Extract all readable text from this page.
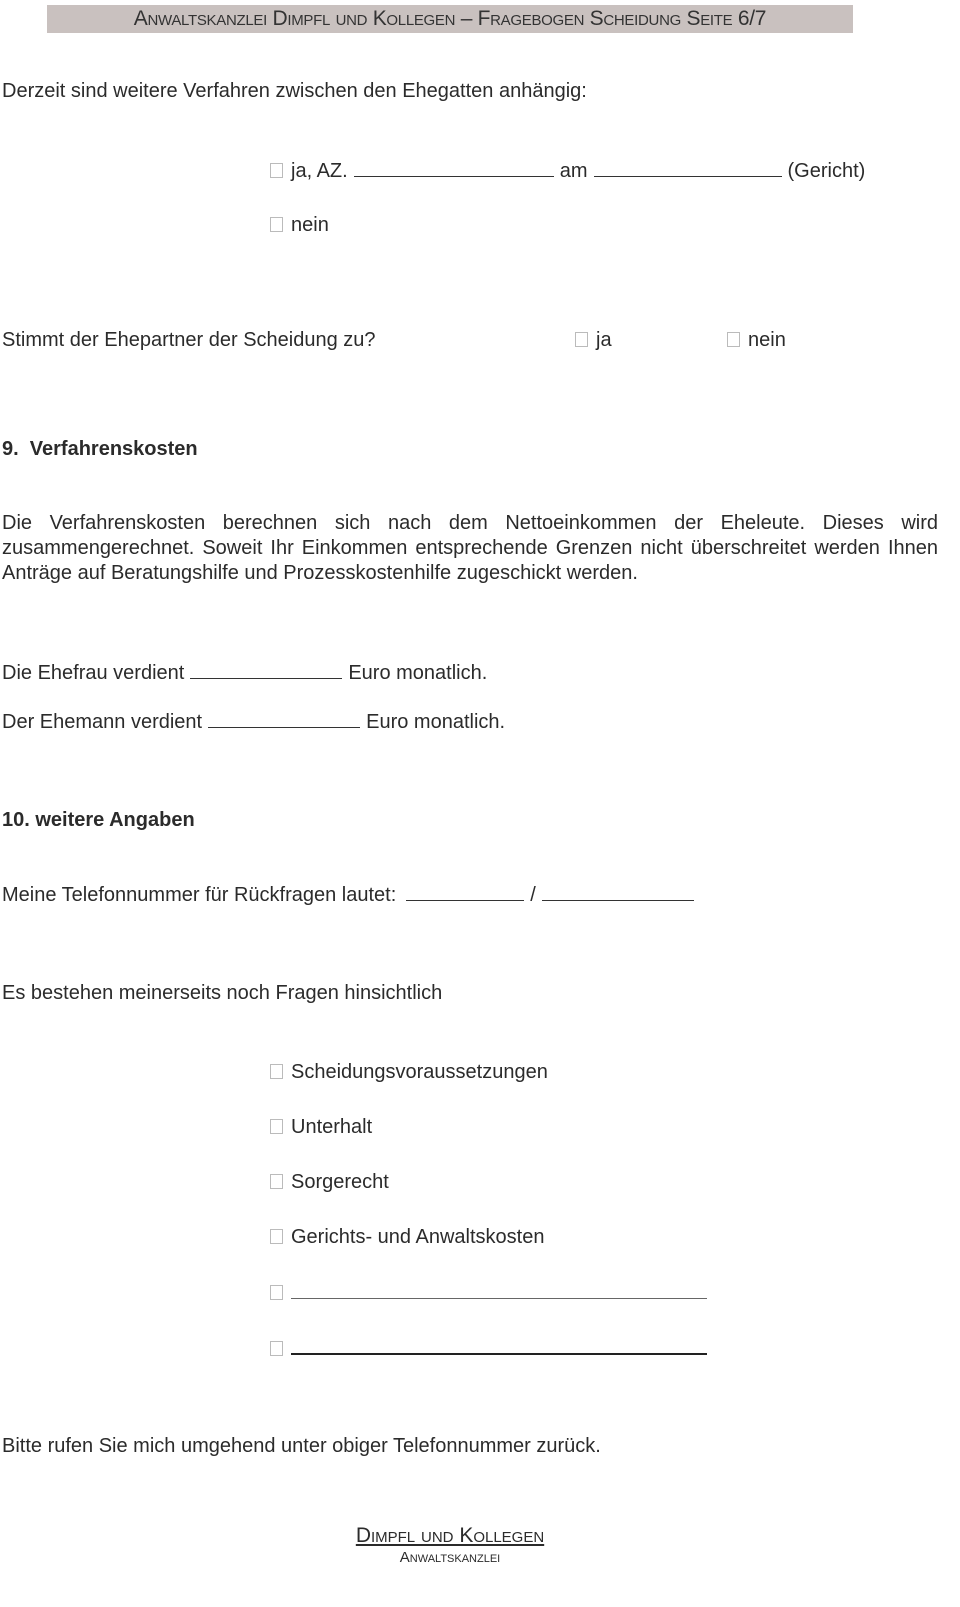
Anwaltskanzlei Dimpfl und Kollegen – Fragebogen Scheidung Seite 6/7
Derzeit sind weitere Verfahren zwischen den Ehegatten anhängig:
ja, AZ.	am	(Gericht)
nein
Stimmt der Ehepartner der Scheidung zu?	ja	nein
9.  Verfahrenskosten
Die Verfahrenskosten berechnen sich nach dem Nettoeinkommen der Eheleute. Dieses wird zusammengerechnet. Soweit Ihr Einkommen entsprechende Grenzen nicht überschreitet werden Ihnen Anträge auf Beratungshilfe und Prozesskostenhilfe zugeschickt werden.
Die Ehefrau verdient	Euro monatlich.
Der Ehemann verdient	Euro monatlich.
10. weitere Angaben
Meine Telefonnummer für Rückfragen lautet:	/
Es bestehen meinerseits noch Fragen hinsichtlich
Scheidungsvoraussetzungen
Unterhalt
Sorgerecht
Gerichts- und Anwaltskosten
Bitte rufen Sie mich umgehend unter obiger Telefonnummer zurück.
Dimpfl und Kollegen
Anwaltskanzlei
